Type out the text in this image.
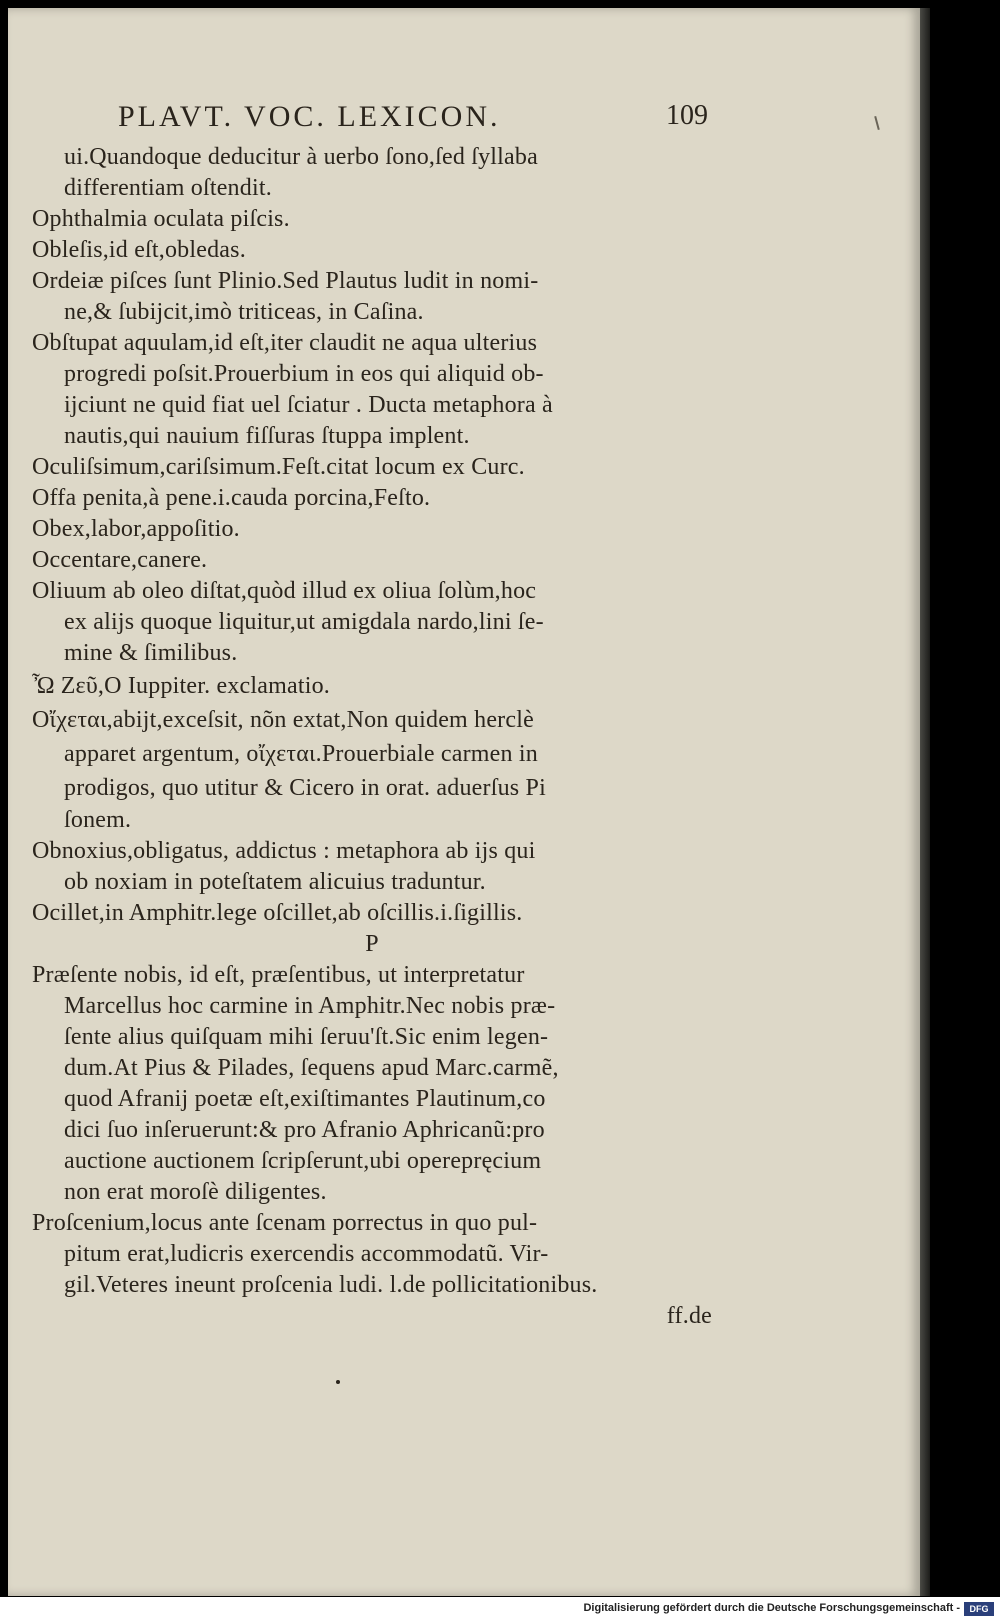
PLAVT. VOC. LEXICON.	109
ui.Quandoque deducitur à uerbo ſono,ſed ſyllaba
differentiam oſtendit.
Ophthalmia oculata piſcis.
Obleſis,id eſt,obledas.
Ordeiæ piſces ſunt Plinio.Sed Plautus ludit in nomi-
ne,& ſubijcit,imò triticeas, in Caſina.
Obſtupat aquulam,id eſt,iter claudit ne aqua ulterius
progredi poſsit.Prouerbium in eos qui aliquid ob-
ijciunt ne quid fiat uel ſciatur . Ducta metaphora à
nautis,qui nauium fiſſuras ſtuppa implent.
Oculiſsimum,cariſsimum.Feſt.citat locum ex Curc.
Offa penita,à pene.i.cauda porcina,Feſto.
Obex,labor,appoſitio.
Occentare,canere.
Oliuum ab oleo diſtat,quòd illud ex oliua ſolùm,hoc
ex alijs quoque liquitur,ut amigdala nardo,lini ſe-
mine & ſimilibus.
Ὦ Ζεῦ,O Iuppiter. exclamatio.
Οἴχεται,abijt,exceſsit, nõn extat,Non quidem herclè
apparet argentum, οἴχεται.Prouerbiale carmen in
prodigos, quo utitur & Cicero in orat. aduerſus Pi
ſonem.
Obnoxius,obligatus, addictus : metaphora ab ijs qui
ob noxiam in poteſtatem alicuius traduntur.
Ocillet,in Amphitr.lege oſcillet,ab oſcillis.i.ſigillis.
P
Præſente nobis, id eſt, præſentibus, ut interpretatur
Marcellus hoc carmine in Amphitr.Nec nobis præ-
ſente alius quiſquam mihi ſeruu'ſt.Sic enim legen-
dum.At Pius & Pilades, ſequens apud Marc.carmẽ,
quod Afranij poetæ eſt,exiſtimantes Plautinum,co
dici ſuo inſeruerunt:& pro Afranio Aphricanũ:pro
auctione auctionem ſcripſerunt,ubi operepręcium
non erat moroſè diligentes.
Proſcenium,locus ante ſcenam porrectus in quo pul-
pitum erat,ludicris exercendis accommodatũ. Vir-
gil.Veteres ineunt proſcenia ludi. l.de pollicitationibus.
ff.de
Digitalisierung gefördert durch die Deutsche Forschungsgemeinschaft -	DFG
